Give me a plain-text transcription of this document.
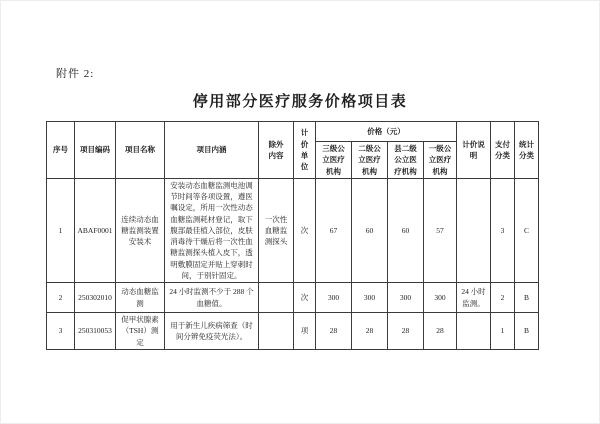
附件 2:
停用部分医疗服务价格项目表
序号	项目编码	项目名称	项目内涵	除外内容	计价单位	价格（元）				计价说明	支付分类	统计分类

						三级公立医疗机构	二级公立医疗机构	县二级公立医疗机构	一级公立医疗机构			

1	ABAF0001	连续动态血糖监测装置安装术	安装动态血糖监测电池调节时间等各项设置，遵医嘱设定，所用一次性动态血糖监测耗材登记，取下腹部最佳植入部位，皮肤消毒待干燥后将一次性血糖监测探头植入皮下，透明敷膜固定并贴上穿刺时间，于别针固定。	一次性血糖监测探头	次	67	60	60	57		3	C
2	250302010	动态血糖监测	24 小时监测不少于 288 个血糖值。		次	300	300	300	300	24 小时监测。	2	B
3	250310053	促甲状腺素（TSH）测定	用于新生儿疾病筛查（时间分辨免疫荧光法）。		项	28	28	28	28		1	B
